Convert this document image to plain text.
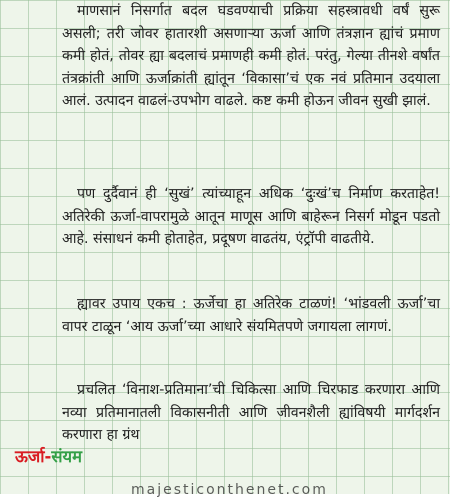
माणसानं निसर्गात बदल घडवण्याची प्रक्रिया सहस्त्रावधी वर्षं सुरू असली; तरी जोवर हातारशी असणाऱ्या ऊर्जा आणि तंत्रज्ञान ह्यांचं प्रमाण कमी होतं, तोवर ह्या बदलाचं प्रमाणही कमी होतं. परंतु, गेल्या तीनशे वर्षांत तंत्रक्रांती आणि ऊर्जाक्रांती ह्यांतून ‘विकासा’चं एक नवं प्रतिमान उदयाला आलं. उत्पादन वाढलं-उपभोग वाढले. कष्ट कमी होऊन जीवन सुखी झालं.

पण दुर्दैवानं ही ‘सुखं’ त्यांच्याहून अधिक ‘दुःखं’च निर्माण करताहेत! अतिरेकी ऊर्जा-वापरामुळे आतून माणूस आणि बाहेरून निसर्ग मोडून पडतो आहे. संसाधनं कमी होताहेत, प्रदूषण वाढतंय, एंट्रॉपी वाढतीये.

ह्यावर उपाय एकच : ऊर्जेचा हा अतिरेक टाळणं! ‘भांडवली ऊर्जा’चा वापर टाळून ‘आय ऊर्जा’च्या आधारे संयमितपणे जगायला लागणं.

प्रचलित ‘विनाश-प्रतिमाना’ची चिकित्सा आणि चिरफाड करणारा आणि नव्या प्रतिमानातली विकासनीती आणि जीवनशैली ह्यांविषयी मार्गदर्शन करणारा हा ग्रंथ

ऊर्जा-संयम
majesticonthenet.com
